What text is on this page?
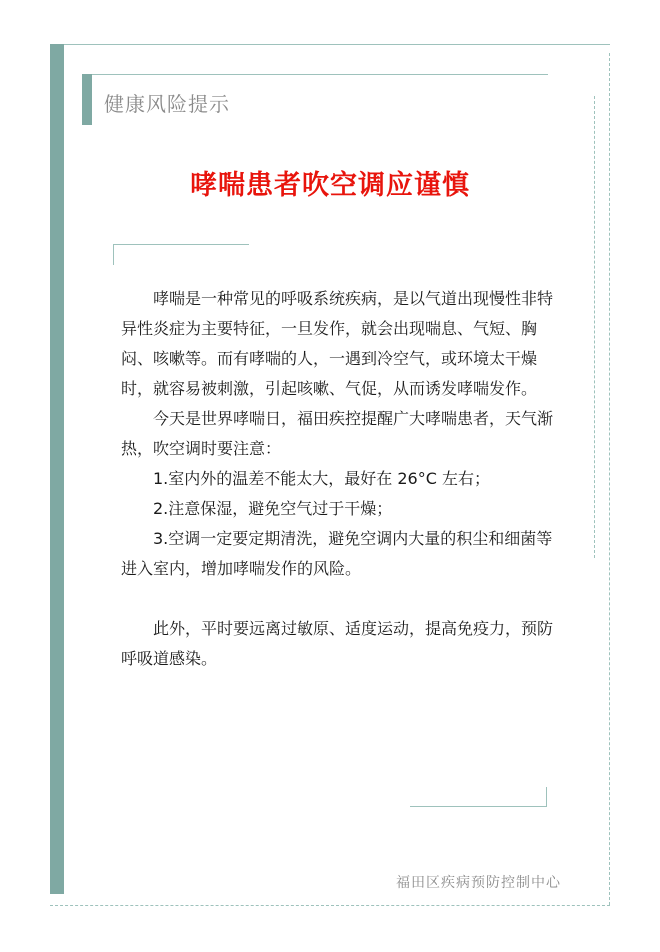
健康风险提示
哮喘患者吹空调应谨慎

哮喘是一种常见的呼吸系统疾病，是以气道出现慢性非特异性炎症为主要特征，一旦发作，就会出现喘息、气短、胸闷、咳嗽等。而有哮喘的人，一遇到冷空气，或环境太干燥时，就容易被刺激，引起咳嗽、气促，从而诱发哮喘发作。

今天是世界哮喘日，福田疾控提醒广大哮喘患者，天气渐热，吹空调时要注意：

1.室内外的温差不能太大，最好在 26°C 左右；

2.注意保湿，避免空气过于干燥；

3.空调一定要定期清洗，避免空调内大量的积尘和细菌等进入室内，增加哮喘发作的风险。

此外，平时要远离过敏原、适度运动，提高免疫力，预防呼吸道感染。

福田区疾病预防控制中心
